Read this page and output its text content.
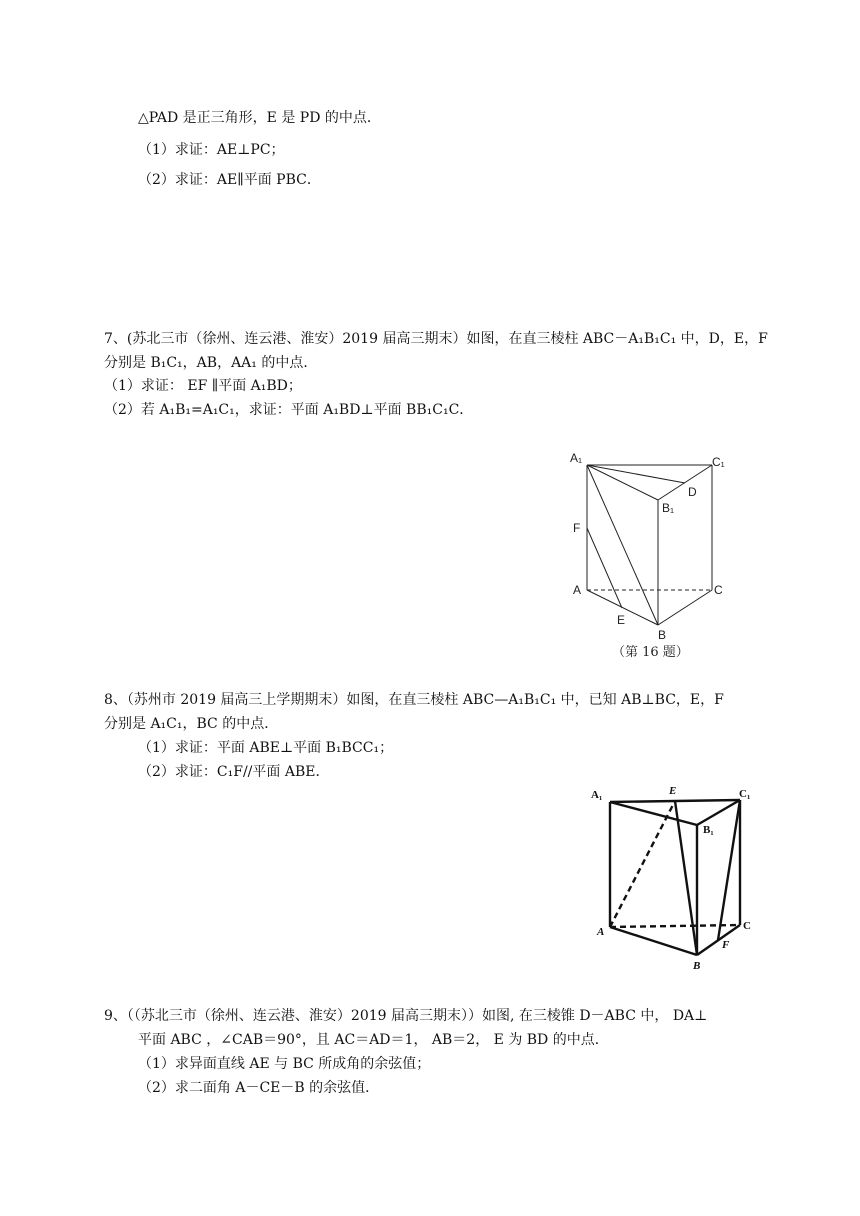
△PAD 是正三角形，E 是 PD 的中点．
（1）求证：AE⊥PC；
（2）求证：AE∥平面 PBC．
7、(苏北三市（徐州、连云港、淮安）2019 届高三期末）如图，在直三棱柱 ABC－A₁B₁C₁ 中，D，E，F
分别是 B₁C₁，AB，AA₁ 的中点．
（1）求证： EF ∥平面 A₁BD；
（2）若 A₁B₁=A₁C₁，求证：平面 A₁BD⊥平面 BB₁C₁C．
A₁	C₁
D
B₁
F
A	C
E
B
（第 16 题）
8、（苏州市 2019 届高三上学期期末）如图，在直三棱柱 ABC—A₁B₁C₁ 中，已知 AB⊥BC，E，F
分别是 A₁C₁，BC 的中点．
（1）求证：平面 ABE⊥平面 B₁BCC₁；
（2）求证：C₁F//平面 ABE．
A₁	E	C₁
B₁
A	C
F
B
9、（（苏北三市（徐州、连云港、淮安）2019 届高三期末））如图, 在三棱锥 D－ABC 中， DA⊥
平面 ABC ，∠CAB＝90°，且 AC＝AD＝1， AB＝2， E 为 BD 的中点．
（1）求异面直线 AE 与 BC 所成角的余弦值；
（2）求二面角 A－CE－B 的余弦值．
